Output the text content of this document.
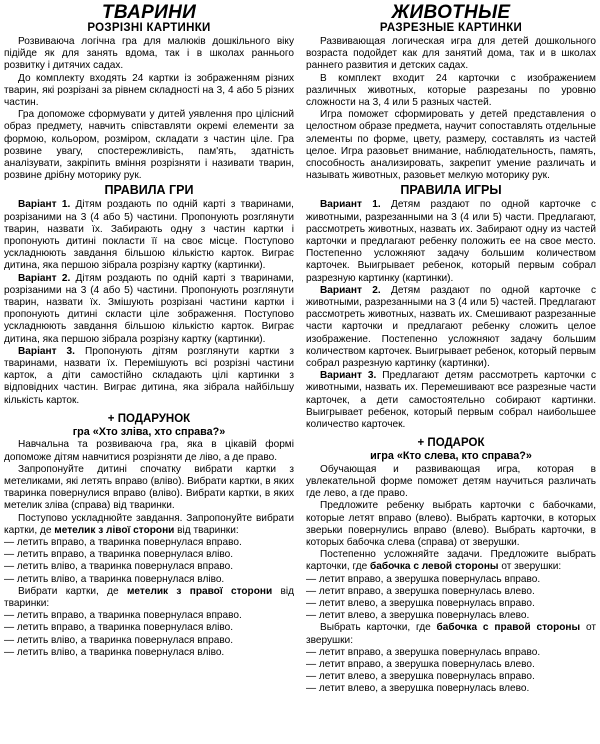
ТВАРИНИ
РОЗРІЗНІ КАРТИНКИ

Розвиваюча логічна гра для малюків дошкільного віку підійде як для занять вдома, так і в школах раннього розвитку і дитячих садах.

До комплекту входять 24 картки із зображенням різних тварин, які розрізані за рівнем складності на 3, 4 або 5 різних частин.

Гра допоможе сформувати у дитей уявлення про цілісний образ предмету, навчить співставляти окремі елементи за формою, кольором, розміром, складати з частин ціле. Гра розвине увагу, спостережливість, пам'ять, здатність аналізувати, закріпить вміння розрізняти і називати тварин, розвине дрібну моторику рук.

ПРАВИЛА ГРИ

Варіант 1. Дітям роздають по одній карті з тваринами, розрізаними на 3 (4 або 5) частини. Пропонують розглянути тварин, назвати їх. Забирають одну з частин картки і пропонують дитині покласти її на своє місце. Поступово ускладнюють завдання більшою кількістю карток. Виграє дитина, яка першою зібрала розрізну картку (картинки).

Варіант 2. Дітям роздають по одній карті з тваринами, розрізаними на 3 (4 або 5) частини. Пропонують розглянути тварин, назвати їх. Змішують розрізані частини картки і пропонують дитині скласти ціле зображення. Поступово ускладнюють завдання більшою кількістю карток. Виграє дитина, яка першою зібрала розрізну картку (картинки).

Варіант 3. Пропонують дітям розглянути картки з тваринами, назвати їх. Перемішують всі розрізні частини карток, а діти самостійно складають цілі картинки з відповідних частин. Виграє дитина, яка зібрала найбільшу кількість карток.

+ ПОДАРУНОК
гра «Хто зліва, хто справа?»

Навчальна та розвиваюча гра, яка в цікавій формі допоможе дітям навчитися розрізняти де ліво, а де право.

Запропонуйте дитині спочатку вибрати картки з метеликами, які летять вправо (вліво). Вибрати картки, в яких тваринка повернулися вправо (вліво). Вибрати картки, в яких метелик зліва (справа) від тваринки.

Поступово ускладнюйте завдання. Запропонуйте вибрати картки, де метелик з лівої сторони від тваринки:

— летить вправо, а тваринка повернулася вправо.

— летить вправо, а тваринка повернулася вліво.

— летить вліво, а тваринка повернулася вправо.

— летить вліво, а тваринка повернулася вліво.

Вибрати картки, де метелик з правої сторони від тваринки:

— летить вправо, а тваринка повернулася вправо.

— летить вправо, а тваринка повернулася вліво.

— летить вліво, а тваринка повернулася вправо.

— летить вліво, а тваринка повернулася вліво.

ЖИВОТНЫЕ
РАЗРЕЗНЫЕ КАРТИНКИ

Развивающая логическая игра для детей дошкольного возраста подойдет как для занятий дома, так и в школах раннего развития и детских садах.

В комплект входит 24 карточки с изображением различных животных, которые разрезаны по уровню сложности на 3, 4 или 5 разных частей.

Игра поможет сформировать у детей представления о целостном образе предмета, научит сопоставлять отдельные элементы по форме, цвету, размеру, составлять из частей целое. Игра разовьет внимание, наблюдательность, память, способность анализировать, закрепит умение различать и называть животных, разовьет мелкую моторику рук.

ПРАВИЛА ИГРЫ

Вариант 1. Детям раздают по одной карточке с животными, разрезанными на 3 (4 или 5) части. Предлагают, рассмотреть животных, назвать их. Забирают одну из частей карточки и предлагают ребенку положить ее на свое место. Постепенно усложняют задачу большим количеством карточек. Выигрывает ребенок, который первым собрал разрезную картинку (картинки).

Вариант 2. Детям раздают по одной карточке с животными, разрезанными на 3 (4 или 5) частей. Предлагают рассмотреть животных, назвать их. Смешивают разрезанные части карточки и предлагают ребенку сложить целое изображение. Постепенно усложняют задачу большим количеством карточек. Выигрывает ребенок, который первым собрал разрезную картинку (картинки).

Вариант 3. Предлагают детям рассмотреть карточки с животными, назвать их. Перемешивают все разрезные части карточек, а дети самостоятельно собирают картинки. Выигрывает ребенок, который первым собрал наибольшее количество карточек.

+ ПОДАРОК
игра «Кто слева, кто справа?»

Обучающая и развивающая игра, которая в увлекательной форме поможет детям научиться различать где лево, а где право.

Предложите ребенку выбрать карточки с бабочками, которые летят вправо (влево). Выбрать карточки, в которых зверьки повернулись вправо (влево). Выбрать карточки, в которых бабочка слева (справа) от зверушки.

Постепенно усложняйте задачи. Предложите выбрать карточки, где бабочка с левой стороны от зверушки:

— летит вправо, а зверушка повернулась вправо.

— летит вправо, а зверушка повернулась влево.

— летит влево, а зверушка повернулась вправо.

— летит влево, а зверушка повернулась влево.

Выбрать карточки, где бабочка с правой стороны от зверушки:

— летит вправо, а зверушка повернулась вправо.

— летит вправо, а зверушка повернулась влево.

— летит влево, а зверушка повернулась вправо.

— летит влево, а зверушка повернулась влево.
